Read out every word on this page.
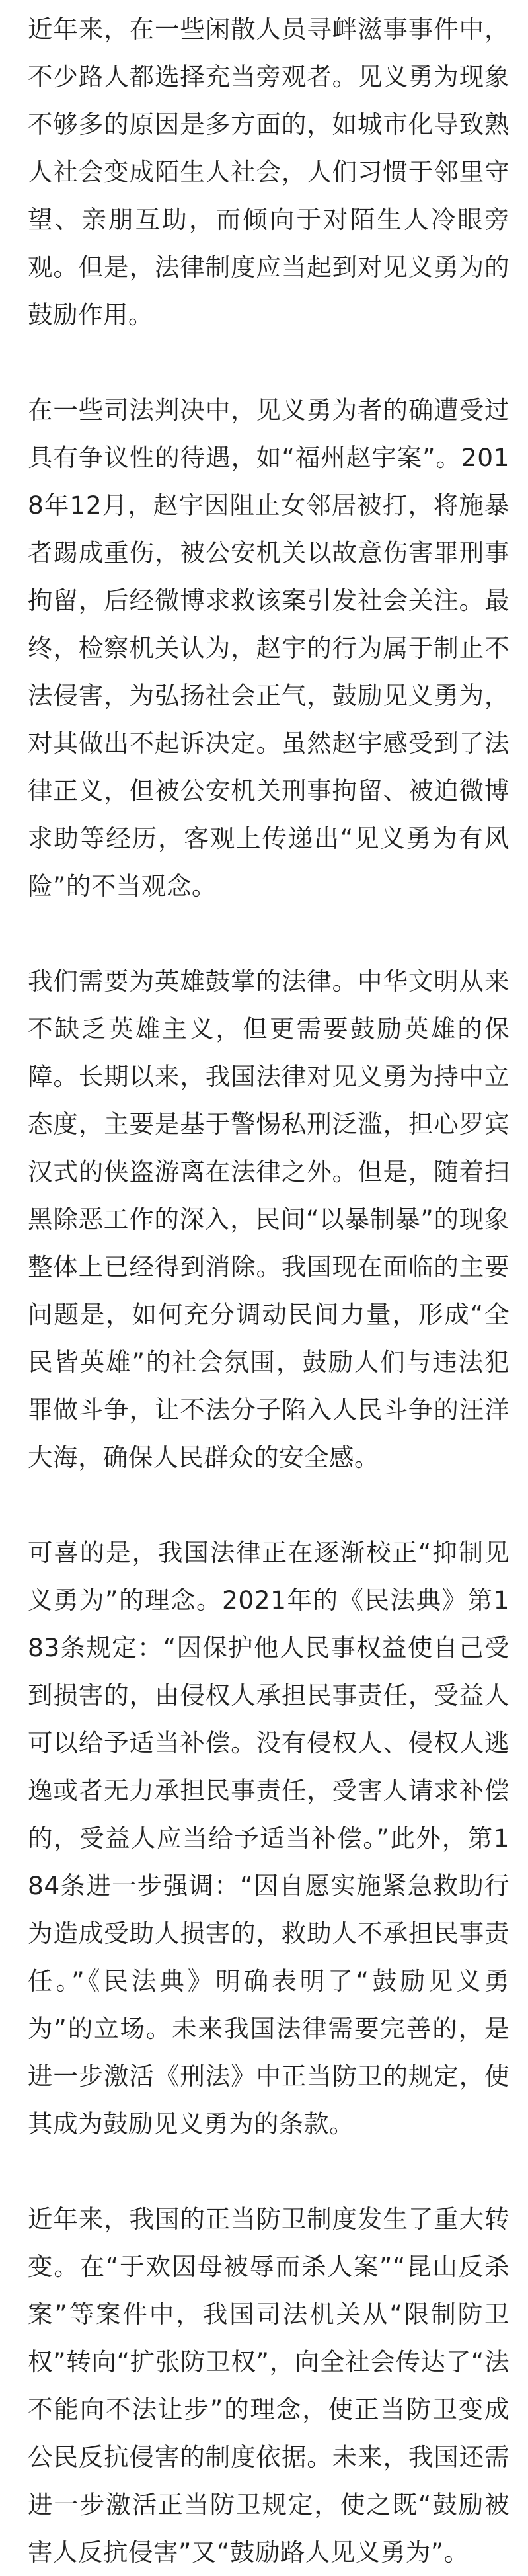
近年来，在一些闲散人员寻衅滋事事件中，不少路人都选择充当旁观者。见义勇为现象不够多的原因是多方面的，如城市化导致熟人社会变成陌生人社会，人们习惯于邻里守望、亲朋互助，而倾向于对陌生人冷眼旁观。但是，法律制度应当起到对见义勇为的鼓励作用。

在一些司法判决中，见义勇为者的确遭受过具有争议性的待遇，如“福州赵宇案”。2018年12月，赵宇因阻止女邻居被打，将施暴者踢成重伤，被公安机关以故意伤害罪刑事拘留，后经微博求救该案引发社会关注。最终，检察机关认为，赵宇的行为属于制止不法侵害，为弘扬社会正气，鼓励见义勇为，对其做出不起诉决定。虽然赵宇感受到了法律正义，但被公安机关刑事拘留、被迫微博求助等经历，客观上传递出“见义勇为有风险”的不当观念。

我们需要为英雄鼓掌的法律。中华文明从来不缺乏英雄主义，但更需要鼓励英雄的保障。长期以来，我国法律对见义勇为持中立态度，主要是基于警惕私刑泛滥，担心罗宾汉式的侠盗游离在法律之外。但是，随着扫黑除恶工作的深入，民间“以暴制暴”的现象整体上已经得到消除。我国现在面临的主要问题是，如何充分调动民间力量，形成“全民皆英雄”的社会氛围，鼓励人们与违法犯罪做斗争，让不法分子陷入人民斗争的汪洋大海，确保人民群众的安全感。

可喜的是，我国法律正在逐渐校正“抑制见义勇为”的理念。2021年的《民法典》第183条规定：“因保护他人民事权益使自己受到损害的，由侵权人承担民事责任，受益人可以给予适当补偿。没有侵权人、侵权人逃逸或者无力承担民事责任，受害人请求补偿的，受益人应当给予适当补偿。”此外，第184条进一步强调：“因自愿实施紧急救助行为造成受助人损害的，救助人不承担民事责任。”《民法典》明确表明了“鼓励见义勇为”的立场。未来我国法律需要完善的，是进一步激活《刑法》中正当防卫的规定，使其成为鼓励见义勇为的条款。

近年来，我国的正当防卫制度发生了重大转变。在“于欢因母被辱而杀人案”“昆山反杀案”等案件中，我国司法机关从“限制防卫权”转向“扩张防卫权”，向全社会传达了“法不能向不法让步”的理念，使正当防卫变成公民反抗侵害的制度依据。未来，我国还需进一步激活正当防卫规定，使之既“鼓励被害人反抗侵害”又“鼓励路人见义勇为”。
